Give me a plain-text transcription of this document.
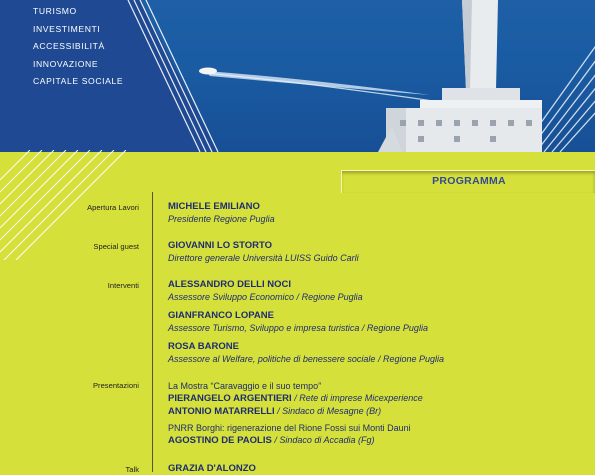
TURISMO
INVESTIMENTI
ACCESSIBILITÀ
INNOVAZIONE
CAPITALE SOCIALE
PROGRAMMA
Apertura Lavori	MICHELE EMILIANO
Presidente Regione Puglia
Special guest	GIOVANNI LO STORTO
Direttore generale Università LUISS Guido Carli
Interventi	ALESSANDRO DELLI NOCI
Assessore Sviluppo Economico / Regione Puglia
GIANFRANCO LOPANE
Assessore Turismo, Sviluppo e impresa turistica / Regione Puglia
ROSA BARONE
Assessore al Welfare, politiche di benessere sociale / Regione Puglia
Presentazioni	La Mostra “Caravaggio e il suo tempo”
PIERANGELO ARGENTIERI / Rete di imprese Micexperience
ANTONIO MATARRELLI / Sindaco di Mesagne (Br)
PNRR Borghi: rigenerazione del Rione Fossi sui Monti Dauni
AGOSTINO DE PAOLIS / Sindaco di Accadia (Fg)
Talk	GRAZIA D'ALONZO
